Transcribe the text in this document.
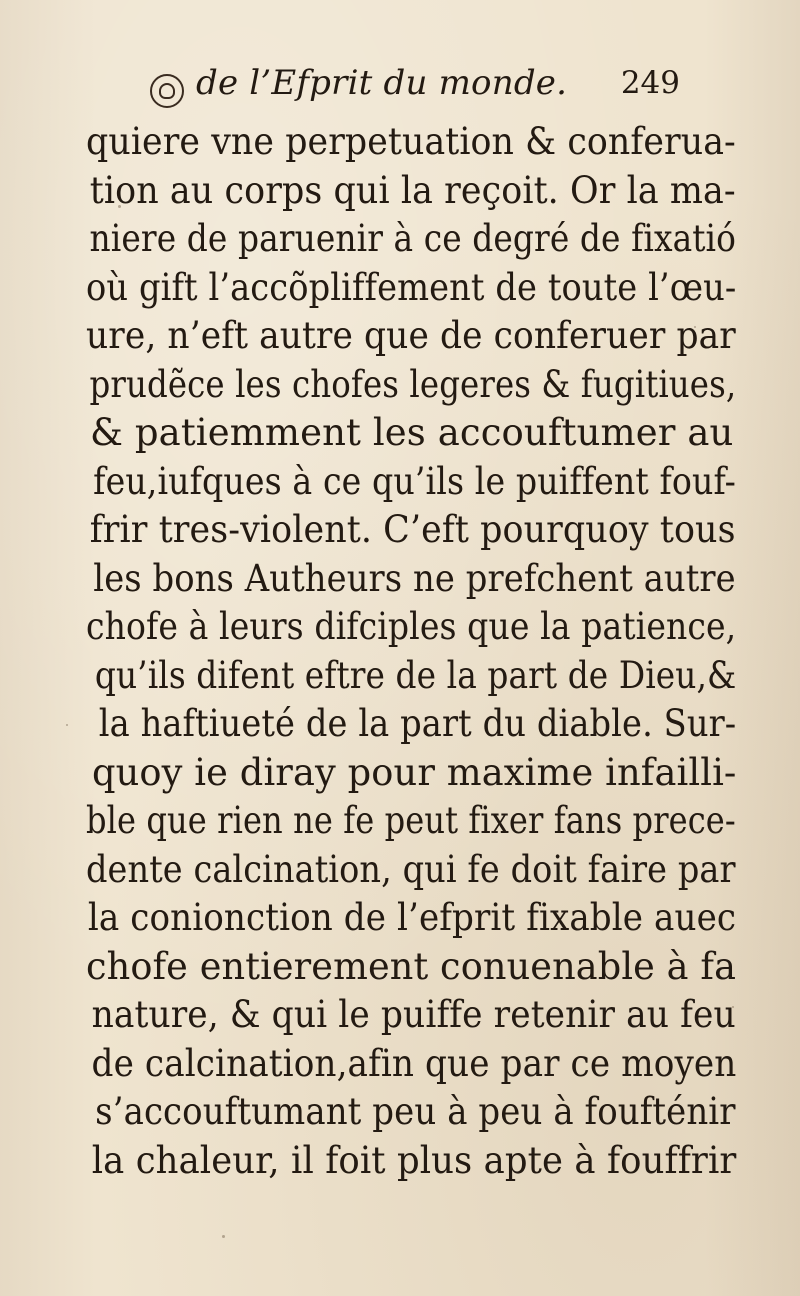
de l’Efprit du monde. 249
quiere vne perpetuation & conferua-
tion au corps qui la reçoit. Or la ma-
niere de paruenir à ce degré de fixatió
où gift l’accõpliffement de toute l’œu-
ure, n’eft autre que de conferuer par
prudẽce les chofes legeres & fugitiues,
& patiemment les accouftumer au
feu,iufques à ce qu’ils le puiffent fouf-
frir tres-violent. C’eft pourquoy tous
les bons Autheurs ne prefchent autre
chofe à leurs difciples que la patience,
qu’ils difent eftre de la part de Dieu,&
la haftiueté de la part du diable. Sur-
quoy ie diray pour maxime infailli-
ble que rien ne fe peut fixer fans prece-
dente calcination, qui fe doit faire par
la conionction de l’efprit fixable auec
chofe entierement conuenable à fa
nature, & qui le puiffe retenir au feu
de calcination,afin que par ce moyen
s’accouftumant peu à peu à foufténir
la chaleur, il foit plus apte à fouffrir
